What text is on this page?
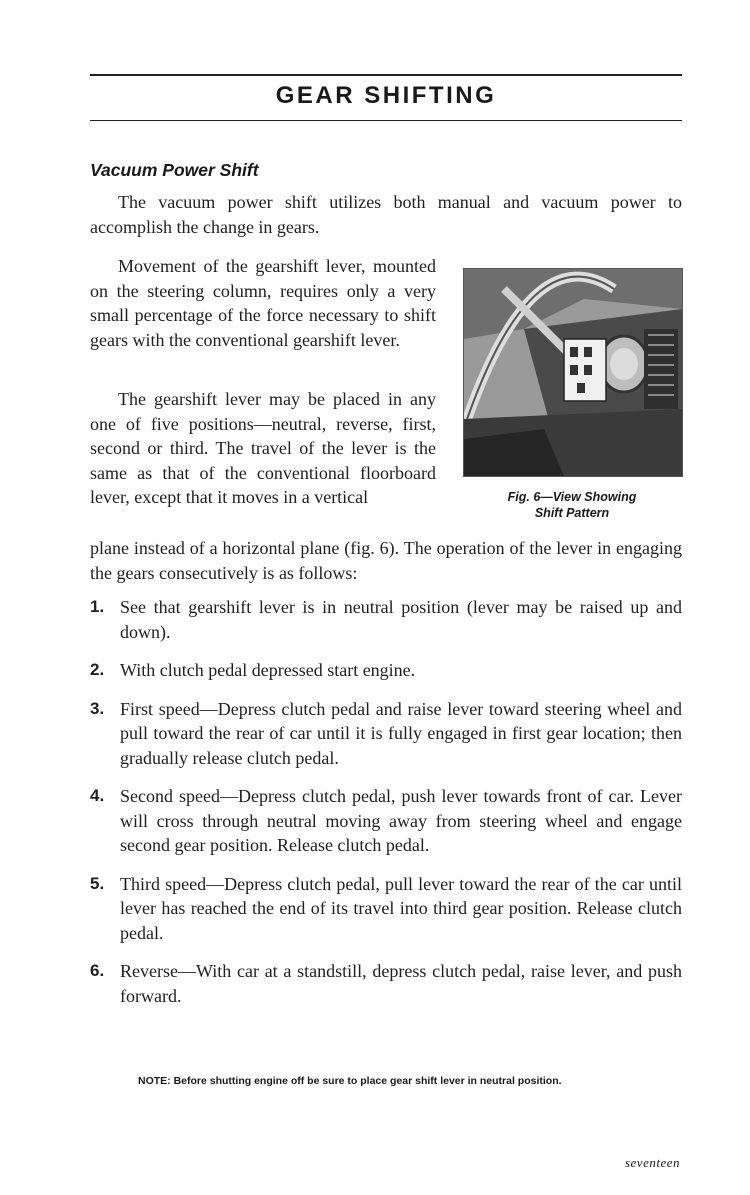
GEAR SHIFTING
Vacuum Power Shift

The vacuum power shift utilizes both manual and vacuum power to accomplish the change in gears.

Movement of the gearshift lever, mounted on the steering column, requires only a very small percentage of the force necessary to shift gears with the conventional gearshift lever.

The gearshift lever may be placed in any one of five positions—neutral, reverse, first, second or third. The travel of the lever is the same as that of the conventional floorboard lever, except that it moves in a vertical

plane instead of a horizontal plane (fig. 6). The operation of the lever in engaging the gears consecutively is as follows:

Fig. 6—View Showing
Shift Pattern
1. See that gearshift lever is in neutral position (lever may be raised up and down).
2. With clutch pedal depressed start engine.
3. First speed—Depress clutch pedal and raise lever toward steering wheel and pull toward the rear of car until it is fully engaged in first gear location; then gradually release clutch pedal.
4. Second speed—Depress clutch pedal, push lever towards front of car. Lever will cross through neutral moving away from steering wheel and engage second gear position. Release clutch pedal.
5. Third speed—Depress clutch pedal, pull lever toward the rear of the car until lever has reached the end of its travel into third gear position. Release clutch pedal.
6. Reverse—With car at a standstill, depress clutch pedal, raise lever, and push forward.
NOTE: Before shutting engine off be sure to place gear shift lever in neutral position.
seventeen
